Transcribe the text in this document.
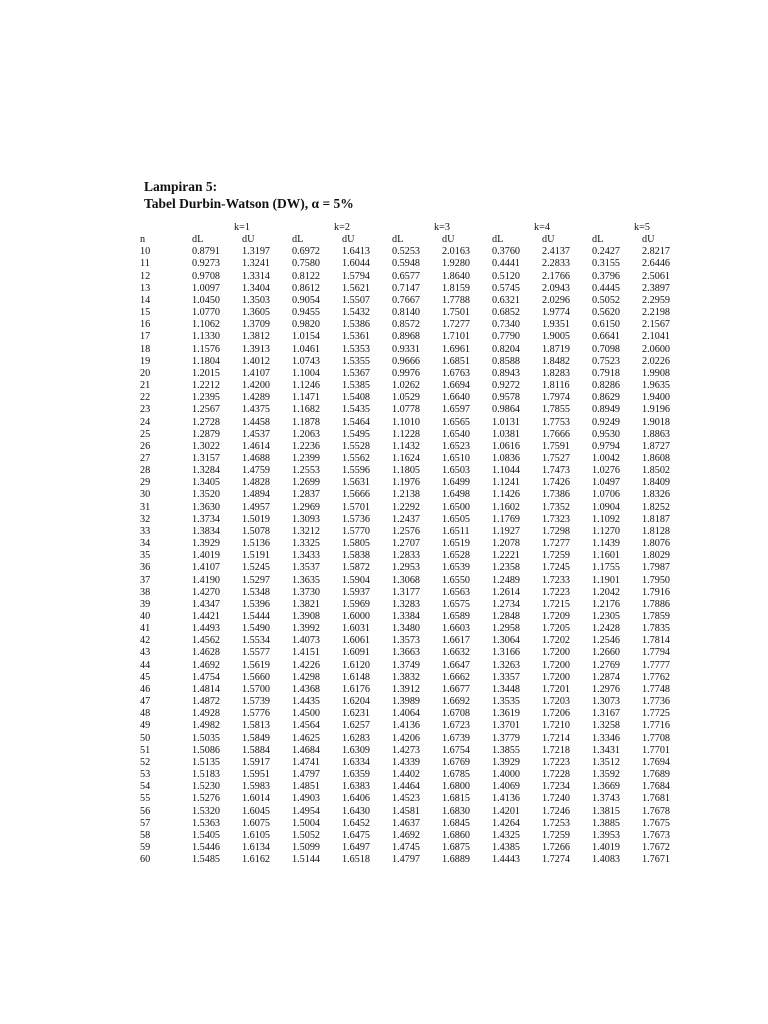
Lampiran 5:
Tabel Durbin-Watson (DW), α = 5%
	k=1		k=2		k=3		k=4		k=5	
n	dL	dU	dL	dU	dL	dU	dL	dU	dL	dU
10	0.8791	1.3197	0.6972	1.6413	0.5253	2.0163	0.3760	2.4137	0.2427	2.8217
11	0.9273	1.3241	0.7580	1.6044	0.5948	1.9280	0.4441	2.2833	0.3155	2.6446
12	0.9708	1.3314	0.8122	1.5794	0.6577	1.8640	0.5120	2.1766	0.3796	2.5061
13	1.0097	1.3404	0.8612	1.5621	0.7147	1.8159	0.5745	2.0943	0.4445	2.3897
14	1.0450	1.3503	0.9054	1.5507	0.7667	1.7788	0.6321	2.0296	0.5052	2.2959
15	1.0770	1.3605	0.9455	1.5432	0.8140	1.7501	0.6852	1.9774	0.5620	2.2198
16	1.1062	1.3709	0.9820	1.5386	0.8572	1.7277	0.7340	1.9351	0.6150	2.1567
17	1.1330	1.3812	1.0154	1.5361	0.8968	1.7101	0.7790	1.9005	0.6641	2.1041
18	1.1576	1.3913	1.0461	1.5353	0.9331	1.6961	0.8204	1.8719	0.7098	2.0600
19	1.1804	1.4012	1.0743	1.5355	0.9666	1.6851	0.8588	1.8482	0.7523	2.0226
20	1.2015	1.4107	1.1004	1.5367	0.9976	1.6763	0.8943	1.8283	0.7918	1.9908
21	1.2212	1.4200	1.1246	1.5385	1.0262	1.6694	0.9272	1.8116	0.8286	1.9635
22	1.2395	1.4289	1.1471	1.5408	1.0529	1.6640	0.9578	1.7974	0.8629	1.9400
23	1.2567	1.4375	1.1682	1.5435	1.0778	1.6597	0.9864	1.7855	0.8949	1.9196
24	1.2728	1.4458	1.1878	1.5464	1.1010	1.6565	1.0131	1.7753	0.9249	1.9018
25	1.2879	1.4537	1.2063	1.5495	1.1228	1.6540	1.0381	1.7666	0.9530	1.8863
26	1.3022	1.4614	1.2236	1.5528	1.1432	1.6523	1.0616	1.7591	0.9794	1.8727
27	1.3157	1.4688	1.2399	1.5562	1.1624	1.6510	1.0836	1.7527	1.0042	1.8608
28	1.3284	1.4759	1.2553	1.5596	1.1805	1.6503	1.1044	1.7473	1.0276	1.8502
29	1.3405	1.4828	1.2699	1.5631	1.1976	1.6499	1.1241	1.7426	1.0497	1.8409
30	1.3520	1.4894	1.2837	1.5666	1.2138	1.6498	1.1426	1.7386	1.0706	1.8326
31	1.3630	1.4957	1.2969	1.5701	1.2292	1.6500	1.1602	1.7352	1.0904	1.8252
32	1.3734	1.5019	1.3093	1.5736	1.2437	1.6505	1.1769	1.7323	1.1092	1.8187
33	1.3834	1.5078	1.3212	1.5770	1.2576	1.6511	1.1927	1.7298	1.1270	1.8128
34	1.3929	1.5136	1.3325	1.5805	1.2707	1.6519	1.2078	1.7277	1.1439	1.8076
35	1.4019	1.5191	1.3433	1.5838	1.2833	1.6528	1.2221	1.7259	1.1601	1.8029
36	1.4107	1.5245	1.3537	1.5872	1.2953	1.6539	1.2358	1.7245	1.1755	1.7987
37	1.4190	1.5297	1.3635	1.5904	1.3068	1.6550	1.2489	1.7233	1.1901	1.7950
38	1.4270	1.5348	1.3730	1.5937	1.3177	1.6563	1.2614	1.7223	1.2042	1.7916
39	1.4347	1.5396	1.3821	1.5969	1.3283	1.6575	1.2734	1.7215	1.2176	1.7886
40	1.4421	1.5444	1.3908	1.6000	1.3384	1.6589	1.2848	1.7209	1.2305	1.7859
41	1.4493	1.5490	1.3992	1.6031	1.3480	1.6603	1.2958	1.7205	1.2428	1.7835
42	1.4562	1.5534	1.4073	1.6061	1.3573	1.6617	1.3064	1.7202	1.2546	1.7814
43	1.4628	1.5577	1.4151	1.6091	1.3663	1.6632	1.3166	1.7200	1.2660	1.7794
44	1.4692	1.5619	1.4226	1.6120	1.3749	1.6647	1.3263	1.7200	1.2769	1.7777
45	1.4754	1.5660	1.4298	1.6148	1.3832	1.6662	1.3357	1.7200	1.2874	1.7762
46	1.4814	1.5700	1.4368	1.6176	1.3912	1.6677	1.3448	1.7201	1.2976	1.7748
47	1.4872	1.5739	1.4435	1.6204	1.3989	1.6692	1.3535	1.7203	1.3073	1.7736
48	1.4928	1.5776	1.4500	1.6231	1.4064	1.6708	1.3619	1.7206	1.3167	1.7725
49	1.4982	1.5813	1.4564	1.6257	1.4136	1.6723	1.3701	1.7210	1.3258	1.7716
50	1.5035	1.5849	1.4625	1.6283	1.4206	1.6739	1.3779	1.7214	1.3346	1.7708
51	1.5086	1.5884	1.4684	1.6309	1.4273	1.6754	1.3855	1.7218	1.3431	1.7701
52	1.5135	1.5917	1.4741	1.6334	1.4339	1.6769	1.3929	1.7223	1.3512	1.7694
53	1.5183	1.5951	1.4797	1.6359	1.4402	1.6785	1.4000	1.7228	1.3592	1.7689
54	1.5230	1.5983	1.4851	1.6383	1.4464	1.6800	1.4069	1.7234	1.3669	1.7684
55	1.5276	1.6014	1.4903	1.6406	1.4523	1.6815	1.4136	1.7240	1.3743	1.7681
56	1.5320	1.6045	1.4954	1.6430	1.4581	1.6830	1.4201	1.7246	1.3815	1.7678
57	1.5363	1.6075	1.5004	1.6452	1.4637	1.6845	1.4264	1.7253	1.3885	1.7675
58	1.5405	1.6105	1.5052	1.6475	1.4692	1.6860	1.4325	1.7259	1.3953	1.7673
59	1.5446	1.6134	1.5099	1.6497	1.4745	1.6875	1.4385	1.7266	1.4019	1.7672
60	1.5485	1.6162	1.5144	1.6518	1.4797	1.6889	1.4443	1.7274	1.4083	1.7671
